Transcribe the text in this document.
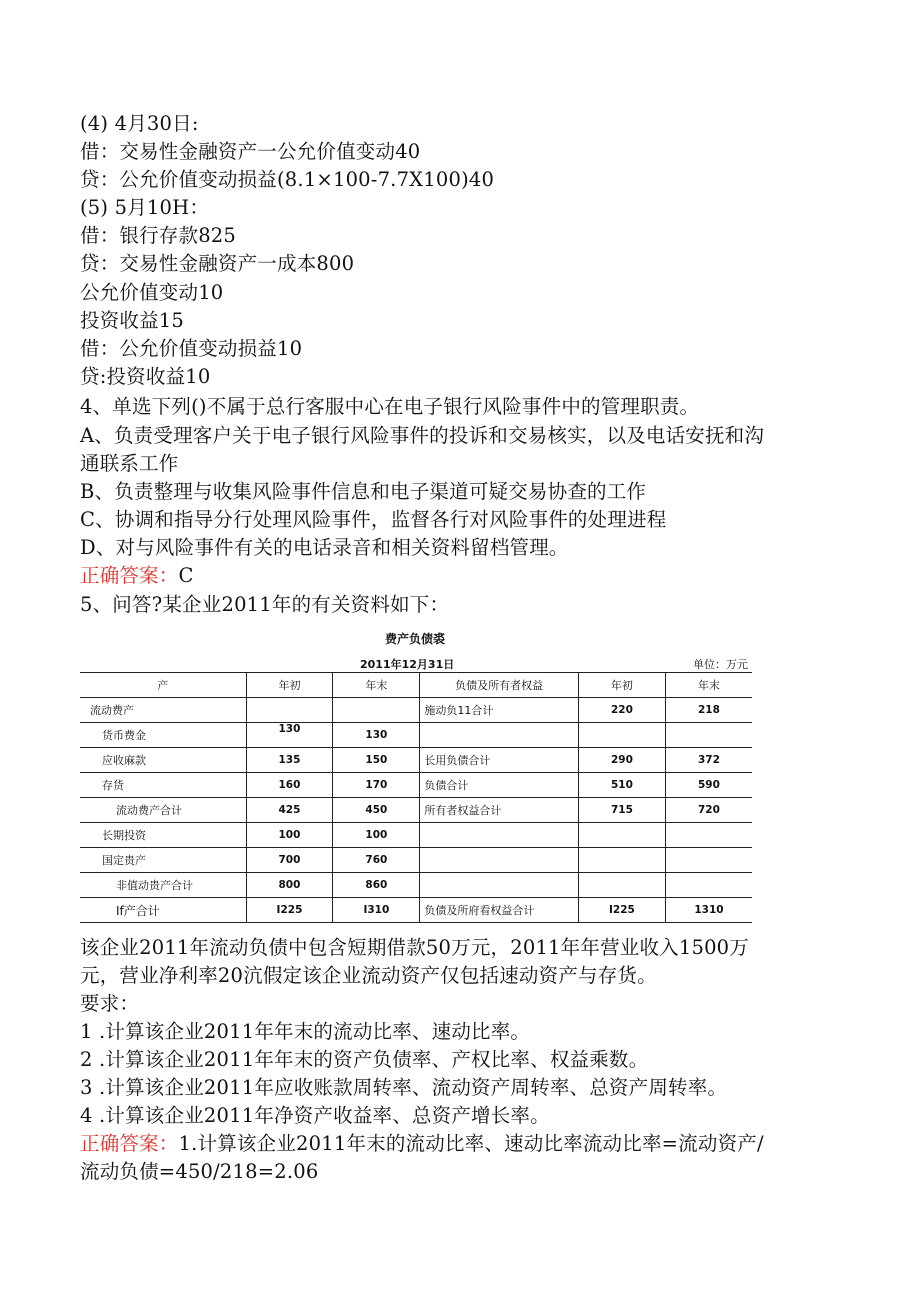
(4) 4月30日:
借：交易性金融资产一公允价值变动40
贷：公允价值变动损益(8.1×100-7.7X100)40
(5) 5月10H：
借：银行存款825
贷：交易性金融资产一成本800
公允价值变动10
投资收益15
借：公允价值变动损益10
贷:投资收益10
4、单选下列()不属于总行客服中心在电子银行风险事件中的管理职责。
A、负责受理客户关于电子银行风险事件的投诉和交易核实，以及电话安抚和沟
通联系工作
B、负责整理与收集风险事件信息和电子渠道可疑交易协查的工作
C、协调和指导分行处理风险事件，监督各行对风险事件的处理进程
D、对与风险事件有关的电话录音和相关资料留档管理。
正确答案：C
5、问答?某企业2011年的有关资料如下：
费产负债裘
2011年12月31日	单位：万元
产	年初	年末	负债及所有者权益	年初	年末
流动费产			施动负11合计	220	218
货币费金	130	130			
应收麻款	135	150	长用负债合计	290	372
存货	160	170	负债合计	510	590
流动费产合计	425	450	所有者权益合计	715	720
长期投资	100	100			
国定贵产	700	760			
非值动贵产合计	800	860			
If产合计	I225	I310	负债及所府看权益合计	I225	1310
该企业2011年流动负债中包含短期借款50万元，2011年年营业收入1500万
元，营业净利率20沆假定该企业流动资产仅包括速动资产与存货。
要求：
1 .计算该企业2011年年末的流动比率、速动比率。
2 .计算该企业2011年年末的资产负债率、产权比率、权益乘数。
3 .计算该企业2011年应收账款周转率、流动资产周转率、总资产周转率。
4 .计算该企业2011年净资产收益率、总资产增长率。
正确答案：1.计算该企业2011年末的流动比率、速动比率流动比率=流动资产/
流动负债=450/218=2.06
